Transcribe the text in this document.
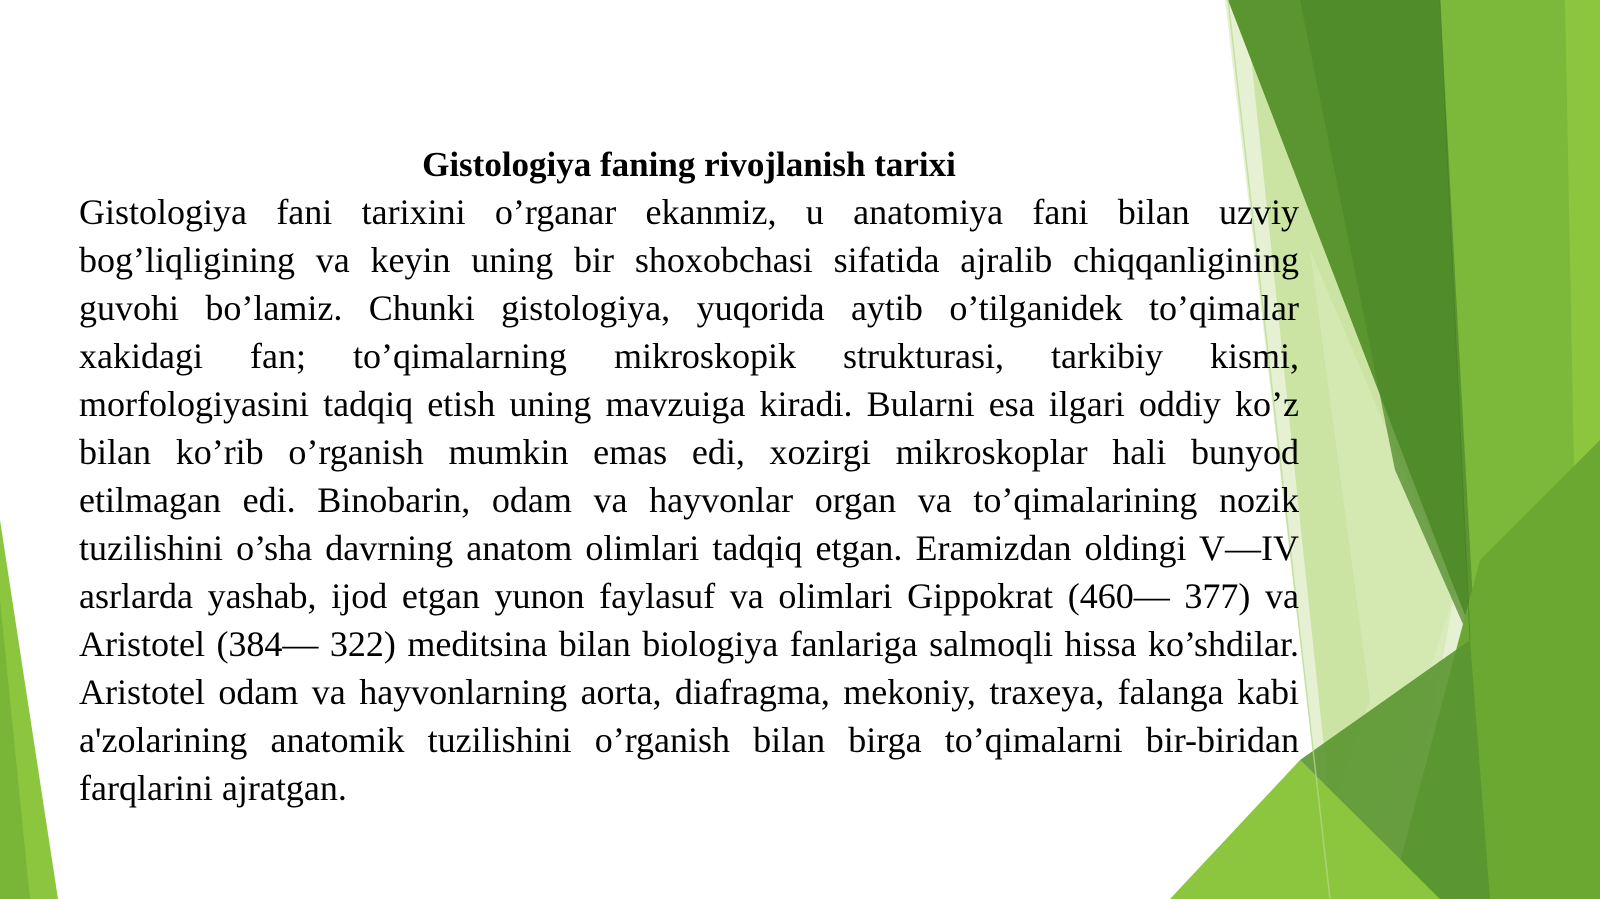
Gistologiya faning rivojlanish tarixi

Gistologiya fani tarixini o’rganar ekanmiz, u anatomiya fani bilan uzviy bog’liqligining va keyin uning bir shoxobchasi sifatida ajralib chiqqanligining guvohi bo’lamiz. Chunki gistologiya, yuqorida aytib o’tilganidek to’qimalar xakidagi fan; to’qimalarning mikroskopik strukturasi, tarkibiy kismi, morfologiyasini tadqiq etish uning mavzuiga kiradi. Bularni esa ilgari oddiy ko’z bilan ko’rib o’rganish mumkin emas edi, xozirgi mikroskoplar hali bunyod etilmagan edi. Binobarin, odam va hayvonlar organ va to’qimalarining nozik tuzilishini o’sha davrning anatom olimlari tadqiq etgan. Eramizdan oldingi V—IV asrlarda yashab, ijod etgan yunon faylasuf va olimlari Gippokrat (460— 377) va Aristotel (384— 322) meditsina bilan biologiya fanlariga salmoqli hissa ko’shdilar. Aristotel odam va hayvonlarning aorta, diafragma, mekoniy, traxeya, falanga kabi a'zolarining anatomik tuzilishini o’rganish bilan birga to’qimalarni bir-biridan farqlarini ajratgan.
